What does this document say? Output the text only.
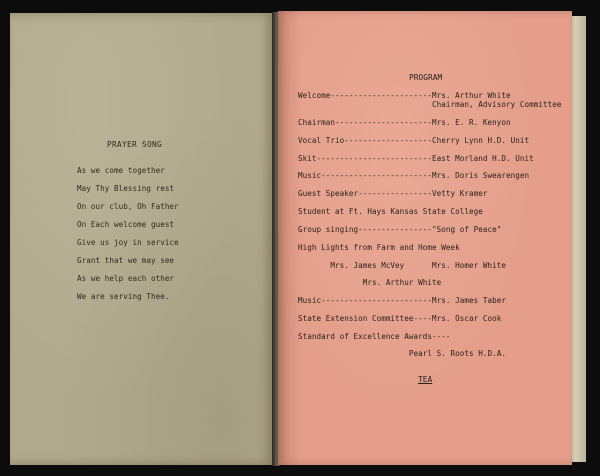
PRAYER SONG
As we come together
May Thy Blessing rest
On our club, Oh Father
On Each welcome guest
Give us joy in service
Grant that we may see
As we help each other
We are serving Thee.
PROGRAM
Welcome----------------------Mrs. Arthur White
Chairman, Advisory Committee
Chairman---------------------Mrs. E. R. Kenyon
Vocal Trio-------------------Cherry Lynn H.D. Unit
Skit-------------------------East Morland H.D. Unit
Music------------------------Mrs. Doris Swearengen
Guest Speaker----------------Vetty Kramer
Student at Ft. Hays Kansas State College
Group singing----------------"Song of Peace"
High Lights from Farm and Home Week
Mrs. James McVey      Mrs. Homer White
Mrs. Arthur White
Music------------------------Mrs. James Taber
State Extension Committee----Mrs. Oscar Cook
Standard of Excellence Awards----
Pearl S. Roots H.D.A.
TEA
